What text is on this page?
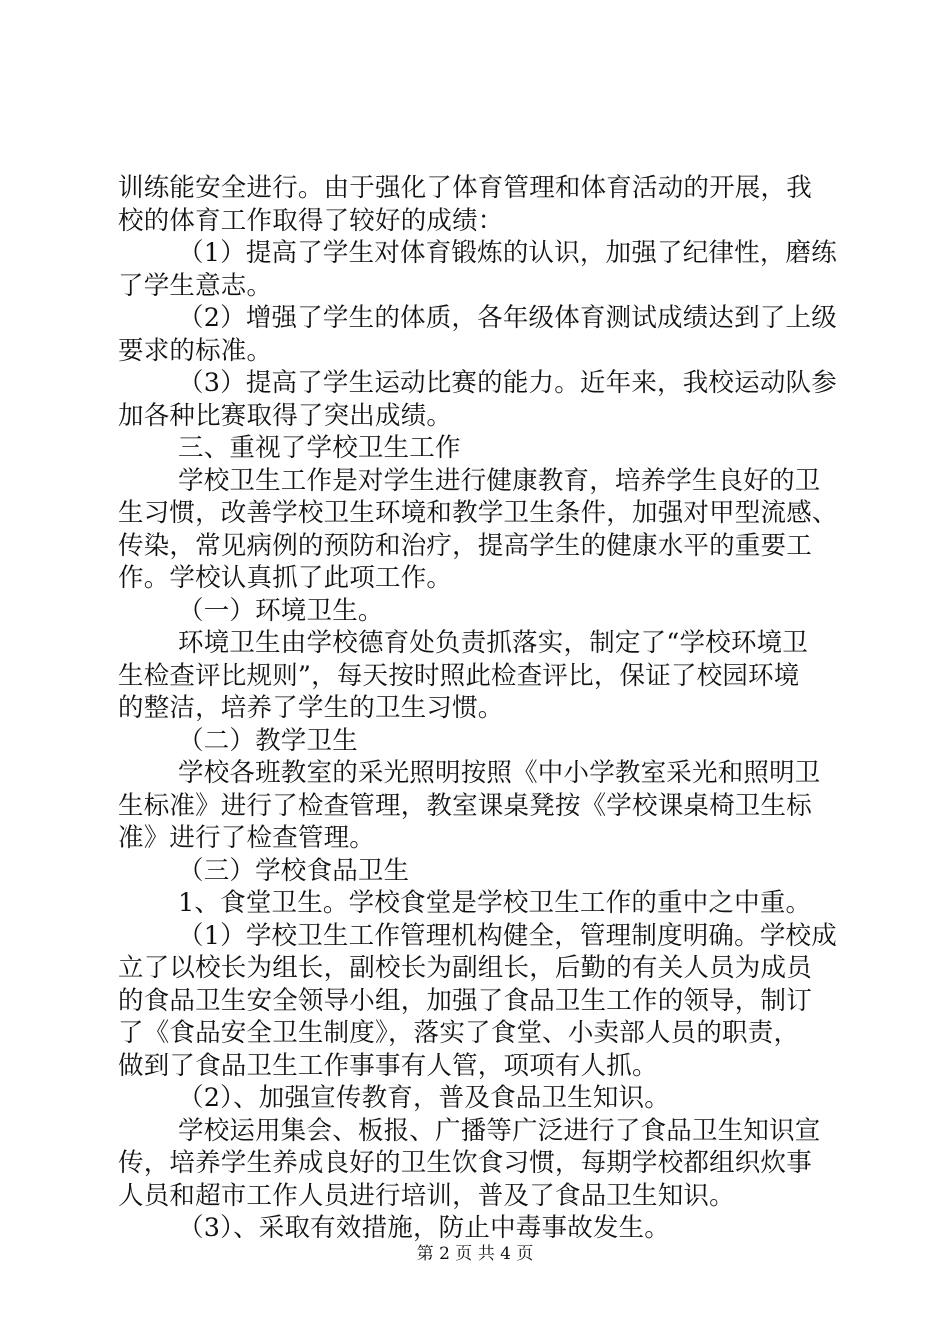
训练能安全进行。由于强化了体育管理和体育活动的开展，我
校的体育工作取得了较好的成绩：
（1）提高了学生对体育锻炼的认识，加强了纪律性，磨练
了学生意志。
（2）增强了学生的体质，各年级体育测试成绩达到了上级
要求的标准。
（3）提高了学生运动比赛的能力。近年来，我校运动队参
加各种比赛取得了突出成绩。
三、重视了学校卫生工作
学校卫生工作是对学生进行健康教育，培养学生良好的卫
生习惯，改善学校卫生环境和教学卫生条件，加强对甲型流感、
传染，常见病例的预防和治疗，提高学生的健康水平的重要工
作。学校认真抓了此项工作。
（一）环境卫生。
环境卫生由学校德育处负责抓落实，制定了“学校环境卫
生检查评比规则”，每天按时照此检查评比，保证了校园环境
的整洁，培养了学生的卫生习惯。
（二）教学卫生
学校各班教室的采光照明按照《中小学教室采光和照明卫
生标准》进行了检查管理，教室课桌凳按《学校课桌椅卫生标
准》进行了检查管理。
（三）学校食品卫生
1、食堂卫生。学校食堂是学校卫生工作的重中之中重。
（1）学校卫生工作管理机构健全，管理制度明确。学校成
立了以校长为组长，副校长为副组长，后勤的有关人员为成员
的食品卫生安全领导小组，加强了食品卫生工作的领导，制订
了《食品安全卫生制度》，落实了食堂、小卖部人员的职责，
做到了食品卫生工作事事有人管，项项有人抓。
（2）、加强宣传教育，普及食品卫生知识。
学校运用集会、板报、广播等广泛进行了食品卫生知识宣
传，培养学生养成良好的卫生饮食习惯，每期学校都组织炊事
人员和超市工作人员进行培训，普及了食品卫生知识。
（3）、采取有效措施，防止中毒事故发生。
第 2 页 共 4 页
